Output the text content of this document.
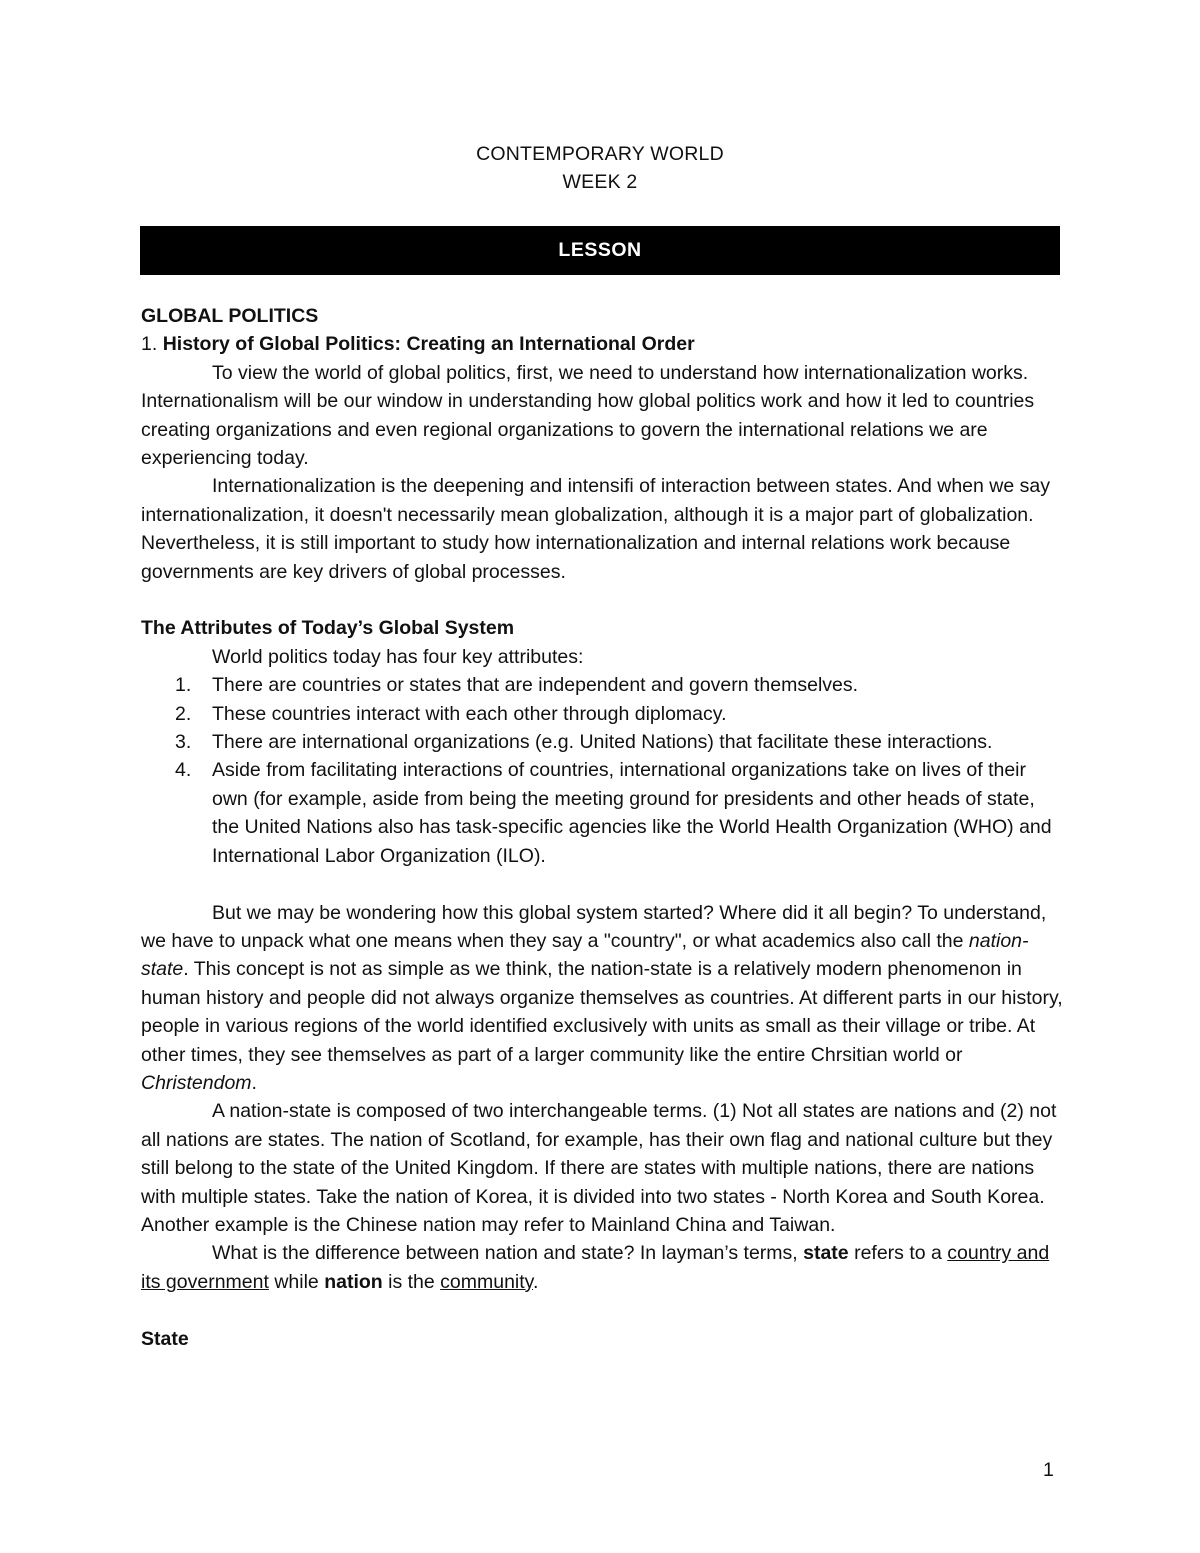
CONTEMPORARY WORLD
WEEK 2
LESSON

GLOBAL POLITICS

1. History of Global Politics: Creating an International Order

To view the world of global politics, first, we need to understand how internationalization works. Internationalism will be our window in understanding how global politics work and how it led to countries creating organizations and even regional organizations to govern the international relations we are experiencing today.

Internationalization is the deepening and intensifi of interaction between states. And when we say internationalization, it doesn't necessarily mean globalization, although it is a major part of globalization. Nevertheless, it is still important to study how internationalization and internal relations work because governments are key drivers of global processes.

The Attributes of Today’s Global System

World politics today has four key attributes:

1. There are countries or states that are independent and govern themselves.
2. These countries interact with each other through diplomacy.
3. There are international organizations (e.g. United Nations) that facilitate these interactions.
4. Aside from facilitating interactions of countries, international organizations take on lives of their own (for example, aside from being the meeting ground for presidents and other heads of state, the United Nations also has task-specific agencies like the World Health Organization (WHO) and International Labor Organization (ILO).

But we may be wondering how this global system started? Where did it all begin? To understand, we have to unpack what one means when they say a "country", or what academics also call the nation-state. This concept is not as simple as we think, the nation-state is a relatively modern phenomenon in human history and people did not always organize themselves as countries. At different parts in our history, people in various regions of the world identified exclusively with units as small as their village or tribe. At other times, they see themselves as part of a larger community like the entire Chrsitian world or Christendom.

A nation-state is composed of two interchangeable terms. (1) Not all states are nations and (2) not all nations are states. The nation of Scotland, for example, has their own flag and national culture but they still belong to the state of the United Kingdom. If there are states with multiple nations, there are nations with multiple states. Take the nation of Korea, it is divided into two states - North Korea and South Korea. Another example is the Chinese nation may refer to Mainland China and Taiwan.

What is the difference between nation and state? In layman’s terms, state refers to a country and its government while nation is the community.

State

1
